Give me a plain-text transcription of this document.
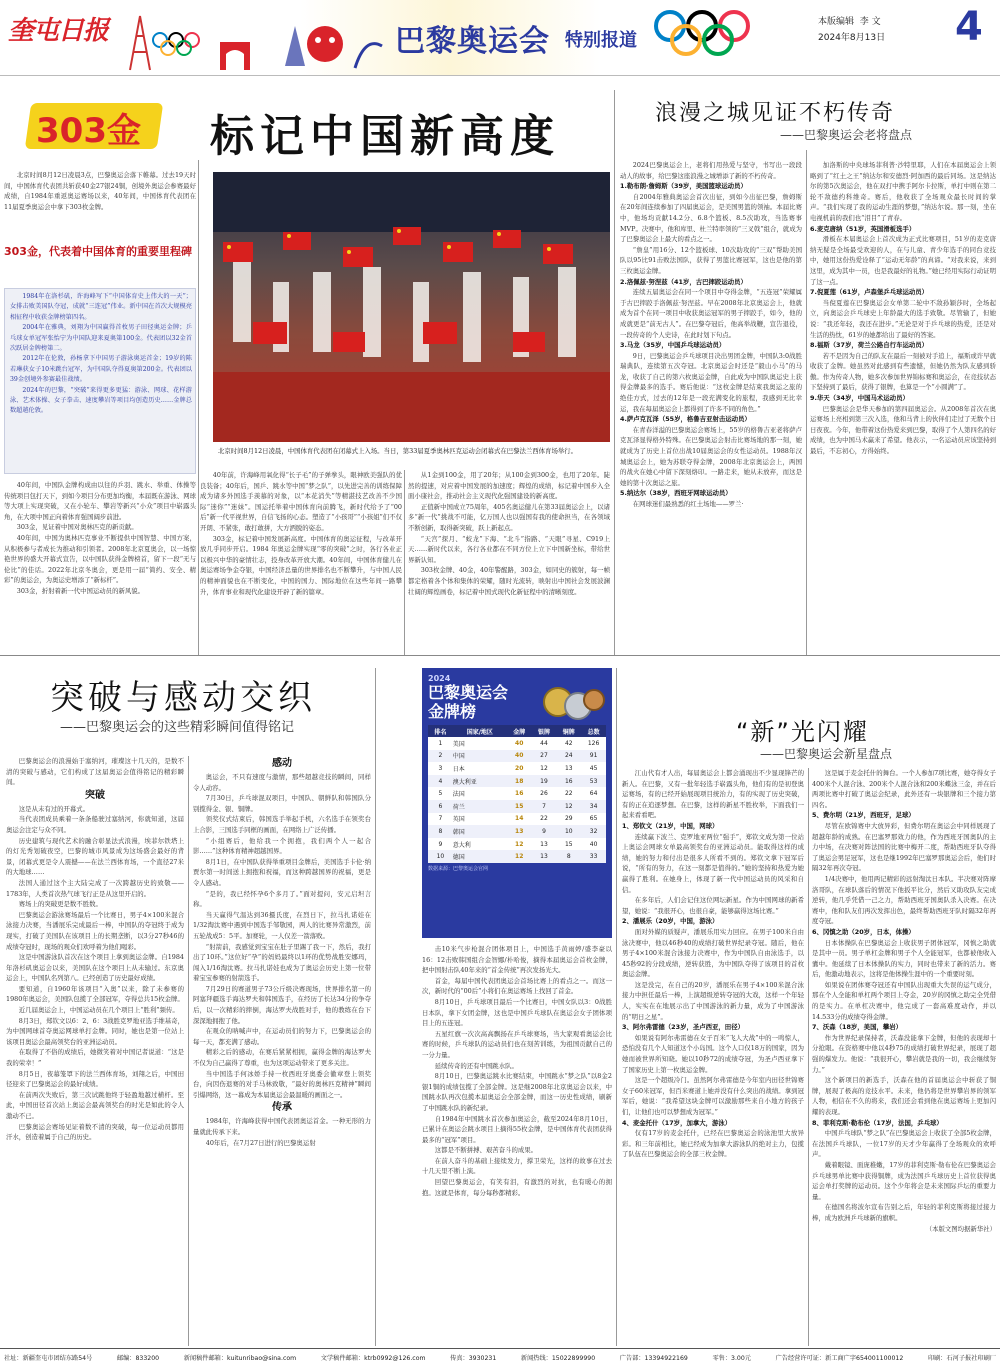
奎屯日报	巴黎奥运会 特别报道
本版编辑 李 文
2024年8月13日 4
303金 标记中国新高度

北京时间8月12日凌晨3点，巴黎奥运会落下帷幕。过去19天时间，中国体育代表团共斩获40金27银24铜，创境外奥运会参赛最好成绩，自1984年重返奥运赛场以来，40年间，中国体育代表团在11届夏季奥运会中拿下303枚金牌。

303金，代表着中国体育的重要里程碑

1984年在洛杉矶，许海峰写下“中国体育史上伟大的一天”；女排击败美国队夺冠，成就“三连冠”伟业。新中国在首次大规模亮相征程中收获金牌榜第四名。

2004年在雅典，刘翔为中国赢得首枚男子田径奥运金牌；乒乓球女单冠军张怡宁为中国队迎来夏奥第100金。代表团以32金首次跃居金牌榜第二。

2012年在伦敦，孙杨拿下中国男子游泳奥运首金；19岁的陈若琳获女子10米跳台冠军，为中国队夺得夏奥第200金。代表团以39金创境外参赛最佳战绩。

2024年的巴黎，“突破”来得更多更猛：游泳、网球、花样游泳、艺术体操、女子拳击、速度攀岩等项目均创造历史……金牌总数超越伦敦。

40年间，中国队金牌构成由以往的乒羽、跳水、举重、体操等传统项目包打天下，到如今项目分布更加均衡，本届既在游泳、网球等大项上实现突破，又在小轮车、攀岩等新兴“小众”项目中崭露头角，在大项中国正向着体育强国阔步前进。

303金，见证着中国对奥林匹克的新贡献。

40年间，中国为奥林匹克事业不断提供中国智慧、中国方案，从积极参与者成长为推动和引领者。2008年北京夏奥会，以一场惊艳世界的盛大开幕式宣告，以中国队获得金牌榜首，留下一段“无与伦比”的佳话。2022年北京冬奥会，更是用一届“简约、安全、精彩”的奥运会，为奥运史增添了“新标杆”。

303金，折射着新一代中国运动员的新风貌。

北京时间8月12日凌晨，中国体育代表团在闭幕式上入场。当日，第33届夏季奥林匹克运动会闭幕式在巴黎法兰西体育场举行。

40年前，许海峰用氧化得“长子毛”的子弹拳头，眼神欧美强队的优良装备；40年后，国乒、跳水等中国“梦之队”，以先进完善的训练保障成为诸多外国选手羡慕的对象，以“本花消失”等精湛技艺改善不少国际“迷你”“迷妹”。国运托举着中国体育向前腾飞，新时代给予了“00后”新一代平视世界，自信飞扬的心态。塑造了“小孩哥”“小孩姐”们不仅开朗、不紧张，敢打敢拼，大方洒脱的姿态。

303金，标记着中国发展新高度。中国体育的奥运征程，与改革开放几乎同步开启。1984 年奥运金牌实现“零的突破”之时，各行各业正以极兴中华的豪情壮志，投身改革开放大潮。40年间，中国体育健儿在奥运赛场争金夺银，中国经济总量的世界排名也不断攀升，与中国人民的精神面貌也在不断变化，中国的国力、国际地位在这些年间一路攀升，体育事业和现代化建设开辟了新的篇章。

从1金到100金，用了20年；从100金到300金，也用了20年。陡然的提速，对应着中国发展的加速度；辉煌的成绩，标记着中国步入全面小康社会，推动社会主义现代化强国建设的新高度。

正值新中国成立75周年，405名奥运健儿在第33届奥运会上，以诸多“新一代”挑战不可能，亿万国人也以强国有我的使命担当，在各领域不断创新，取得新突破，跃上新起点。

“天宫”探月、“蛟龙”下海、“北斗”指路、“天眼”寻星、C919上天……新时代以来，各行各业都在不同方位上立下中国新坐标，带给世界新认知。

303枚金牌、40金，40年警醒路，303金，如同史的簇射，每一帧都定格着各个体和集体的荣耀，随时光流转，映射出中国社会发展波澜壮阔的辉煌画卷，标记着中国式现代化新征程中的清晰刻度。

浪漫之城见证不朽传奇
——巴黎奥运会老将盘点

2024巴黎奥运会上，老将们用热爱与坚守，书写出一段段动人的故事，给巴黎这座浪漫之城增添了新的不朽传奇。

1.勒布朗·詹姆斯（39岁，美国篮球运动员）

自2004年雅典奥运会首次出征，到如今出征巴黎，詹姆斯在20年间连续参加了四届奥运会，是美国男篮的领袖。本届比赛中，他场均贡献14.2分、6.8个篮板、8.5次助攻，当选赛事MVP。决赛中，他和库里、杜兰特率领的“三叉戟”组合，就成为了巴黎奥运会上最大的看点之一。

“詹皇”用16分、12个篮板球、10次助攻的“三双”帮助美国队以95比91击败法国队，获得了男篮比赛冠军，这也是他的第三枚奥运金牌。

2.洛佩兹·努涅兹（41岁，古巴摔跤运动员）

连续五届奥运会在同一个项目中夺得金牌，“五连冠”荣耀属于古巴摔跤手洛佩兹·努涅兹。早在2008年北京奥运会上，他就成为首个在同一项目中收获奥运冠军的男子摔跤手，如今，他的成就更是“前无古人”。在巴黎夺冠后，他高举战鞭，宣告退役，一段传奇的个人史诗，在此时划下句点。

3.马龙（35岁，中国乒乓球运动员）

9日，巴黎奥运会乒乓球项目决出男团金牌，中国队3:0战胜瑞典队，连续第五次夺冠。北京奥运会时还是“毅山小马”的马龙，收获了自己的第六枚奥运金牌，自此成为中国队奥运史上获得金牌最多的选手。赛后他说：“这枚金牌是结束我奥运之旅的绝佳方式，过去的12年是一段充满变化的旅程，我感到无比幸运，我在每届奥运会上都得到了许多不同的角色。”

4.萨卢克瓦泽（55岁，格鲁吉亚射击运动员）

在青春洋溢的巴黎奥运会赛场上，55岁的格鲁吉亚老将萨卢克瓦泽显得格外特殊。在巴黎奥运会射击比赛场地的那一刻，她就成为了历史上首位出战10届奥运会的女性运动员。1988年汉城奥运会上，她为苏联夺得金牌，2008年北京奥运会上，两国的战火在她心中留下深刻烙印。一路走来，她从未放弃，而这是她的第十次奥运之旅。

5.纳达尔（38岁，西班牙网球运动员）

在网球迷们最熟悉的红土场地——罗兰·

加洛斯的中央球场菲利普·沙特里耶，人们在本届奥运会上领略到了“红土之王”纳达尔和安德烈·阿加西的最后同场。这是纳达尔的第5次奥运会，他在双打中携手阿尔卡拉斯，单打中则在第二轮不敌德约科维奇。赛后，他收获了全场观众最长时间的掌声。“我们实现了我的运动生涯的梦想，”纳达尔说。那一刻，坐在电视机前的我们也“泪目”了青春。

6.麦克唐纳（51岁，英国滑板选手）

滑板在本届奥运会上首次成为正式比赛项目，51岁的麦克唐纳无疑是全场最受欢迎的人，在与儿童、青少年选手的同台竞技中，她用这份热爱诠释了“运动无年龄”的真谛。“对我来说，来到这里，成为其中一员，也是我最好的礼物。”她已经用实际行动证明了这一点。

7.倪夏莲（61岁，卢森堡乒乓球运动员）

当倪夏莲在巴黎奥运会女单第二轮中不敌孙颖莎时，全场起立，向奥运会乒乓球史上年龄最大的选手致敬。尽管输了，但她说：“我还年轻，我还在进步。”无论是对于乒乓球的热爱，还是对生活的热忱，61岁的她都给出了最好的答案。

8.福斯（37岁，荷兰公路自行车运动员）

若不是因为自己的队友在最后一刻被对手追上，福斯或许早就收获了金牌。她虽然对此感到有些遗憾，但她仍然为队友感到骄傲。作为传奇人物，她多次参加世界锦标赛和奥运会，在竞技状态下坚持到了最后，获得了银牌，也算是一个“小圆满”了。

9.华天（34岁，中国马术运动员）

巴黎奥运会是华天参加的第四届奥运会。从2008年首次在奥运赛场上亮相到第三次入选，他和马背上的伙伴们走过了无数个日日夜夜。今年，他带着这份热爱来到巴黎，取得了个人第四名的好成绩，也为中国马术赢来了希望。他表示，一名运动员应该坚持到最后，不忘初心，方得始终。

突破与感动交织
——巴黎奥运会的这些精彩瞬间值得铭记

巴黎奥运会的浪漫始于塞纳河，璀璨这十几天的，是数不清的突破与感动，它们构成了这届奥运会值得铭记的精彩瞬间。

突破

这是从未有过的开幕式。

当代表团成员乘着一条条船驶过塞纳河，你就知道，这届奥运会注定与众不同。

历史建筑与现代艺术的融合彰显法式浪漫，埃菲尔铁塔上的灯光秀划破夜空，巴黎的城市风景成为这场盛会最好的背景，闭幕式更是令人震撼——在法兰西体育场，一个直径27米的大地球……

法国人通过这个主大陆完成了一次跨越历史的致敬——1783年，人类首次热气球飞行正是从这里开启的。

赛场上的突破更是数不胜数。

巴黎奥运会游泳赛场最后一个比赛日，男子4×100米混合泳接力决赛，当潘展乐完成最后一棒，中国队的夺冠终于成为现实，打破了美国队在该项目上的长期垄断，以3分27秒46的成绩夺冠时，现场的观众们欢呼着为他们喝彩。

这是中国游泳队首次在这个项目上拿到奥运金牌。自1984年洛杉矶奥运会以来，美国队在这个项目上从未输过。东京奥运会上，中国队名列第八。已经创造了历史最好成绩。

要知道，自1960年该项目“入奥”以来，除了未参赛的1980年奥运会，美国队包揽了全部冠军，夺得总共15枚金牌。

近几届奥运会上，中国运动员在几个项目上“胜利”频传。

8月3日，郑钦文以6：2、6：3战胜克罗地亚选手维基奇，为中国网球首夺奥运网球单打金牌。同时，她也是第一位站上该项目奥运会最高领奖台的亚洲运动员。

在取得了不俗的成绩后，她微笑着对中国记者说道：“这是我的荣幸！”

8月5日，夜幕笼罩下的法兰西体育场，刘翔之后，中国田径迎来了巴黎奥运会的最好成绩。

在前两次失败后，第三次试跳他终于轻盈地越过横杆。至此，中国田径首次站上奥运会最高领奖台的时光是如此的令人激动不已。

巴黎奥运会赛场见证着数不清的突破，每一位运动员都用汗水，创造着属于自己的历史。

感动

奥运会，不只有速度与激情，那些超越竞技的瞬间，同样令人动容。

7月30日，乒乓球混双项目，中国队、朝鲜队和韩国队分别揽得金、银、铜牌。

领奖仪式结束后，韩国选手举起手机，六名选手在领奖台上合影，三国选手同框的画面，在网络上广泛传播。

“小组赛后，他给我一个拥抱，我们两个人一起合影……”这种体育精神超越国界。

8月1日，在中国队获得举重项目金牌后，美国选手卡伦·纳贾尔第一时间送上拥抱和祝福，而这种跨越国界的祝福，更是令人感动。

“是的，我已经怀孕6个多月了。”面对提问，安元启坦言称。

当天赢得气温达到36摄氏度，在烈日下，拉马扎诺娃在1/32淘汰赛中遇到中国选手邹敬园，两人的比赛异常激烈，前五轮战成5：5平。加赛轮，一人仅差一箭落败。

“射箭前，我感觉到宝宝在肚子里踢了我一下，然后，我打出了10环。”这位好“孕”的妈妈最终以1环的优势战胜安娜玛，闯入1/16淘汰赛。拉马扎诺娃也成为了奥运会历史上第一位带着宝宝参赛的射箭选手。

7月29日的赛道男子73公斤级决赛现场，世界排名第一的阿塞拜疆选手海达罗夫和韩国选手，在经历了长达34分的争夺后，以一次精彩的摔倒，海达罗夫战胜对手，他的教练在台下深深地拥抱了他。

在观众的呐喊声中，在运动员们的努力下，巴黎奥运会的每一天，都充满了感动。

精彩之后的感动，在赛后紧紧相拥，赢得金牌的海达罗夫不仅为自己赢得了尊重，也为这项运动带来了更多关注。

当中国选手何冰娇手持一枚西班牙奥委会徽章登上领奖台，向因伤退赛的对手马林致敬，“最好的奥林匹克精神”瞬间引爆网络，这一幕成为本届奥运会最温暖的画面之一。

传承

1984年，许海峰获得中国代表团奥运首金。一种无形的力量就此传承下来。

40年后，在7月27日进行的巴黎奥运射

2024
巴黎奥运会
金牌榜
排名	国家/地区	金牌	银牌	铜牌	总数
1	美国	40	44	42	126
2	中国	40	27	24	91
3	日本	20	12	13	45
4	澳大利亚	18	19	16	53
5	法国	16	26	22	64
6	荷兰	15	7	12	34
7	英国	14	22	29	65
8	韩国	13	9	10	32
9	意大利	12	13	15	40
10	德国	12	13	8	33
数据来源：巴黎奥运会官网

击10米气步枪混合团体项目上，中国选手黄雨婷/盛李豪以16：12击败韩国组合金智娜/朴哈俊，摘得本届奥运会首枚金牌，把中国射击队40年来的“首金传统”再次发扬光大。

首金，每届中国代表团奥运会首场比赛上的看点之一。而这一次，新时代的“00后”小将们在奥运赛场上找回了首金。

8月10日，乒乓球项目最后一个比赛日，中国女队以3：0战胜日本队，拿下女团金牌，这也是中国乒乓球队在奥运会女子团体项目上的五连冠。

五星红旗一次次高高飘扬在乒乓球赛场，当大家观看奥运会比赛的时候，乒乓球队的运动员们也在刻苦训练，为祖国贡献自己的一分力量。

延续传奇的还有中国跳水队。

8月10日，巴黎奥运跳水比赛结束，中国跳水“梦之队”以8金2银1铜的成绩包揽了全部金牌。这是继2008年北京奥运会以来，中国跳水队再次包揽本届奥运会全部金牌，而这一历史性成绩，刷新了中国跳水队的新纪录。

自1984年中国跳水首次参加奥运会，截至2024年8月10日，已累计在奥运会跳水项目上摘得55枚金牌，是中国体育代表团获得最多的“冠军”项目。

这都是不断拼搏、艰苦奋斗的成果。

在前人奋斗的基础上接续发力，撑卫荣光，这样的故事在过去十几天里不断上演。

回望巴黎奥运会，有笑有泪，有激烈的对抗，也有暖心的拥抱。这就是体育，每分每秒都精彩。

“新”光闪耀
——巴黎奥运会新星盘点

江山代有才人出，每届奥运会上都会涌现出不少显现锋芒的新人。在巴黎，又有一批年轻选手崭露头角，他们有的是初登奥运赛场，有的已经开始展现项目统治力，有的实现了历史突破，有的正在追逐梦想。在巴黎，这样的新星不胜枚举，下面我们一起来看看吧。

1、郑钦文（21岁，中国，网球）

连续赢下波兰、克罗地亚两位“强手”，郑钦文成为第一位站上奥运会网球女单最高领奖台的亚洲运动员。能取得这样的成绩，她的努力和付出是很多人所看不到的。郑钦文拿下冠军后说，“所有的努力，在这一刻都是值得的。”她的坚持和热爱为她赢得了胜利。在她身上，体现了新一代中国运动员的风采和自信。

在多年后，人们会记住这位网坛新星。作为中国网球的新希望，她说：“我很开心，也很自豪，能够赢得这场比赛。”

2、潘展乐（20岁，中国，游泳）

面对外媒的质疑声，潘展乐用实力回应。在男子100米自由泳决赛中，他以46秒40的成绩打破世界纪录夺冠。随后，他在男子4×100米混合泳接力决赛中，作为中国队自由泳选手，以45秒92的分段成绩，逆转获胜，为中国队夺得了该项目的首枚奥运金牌。

这是没完，在自己的20岁，潘展乐在男子4×100米混合泳接力中担任最后一棒，上演超级逆转夺冠的大戏，这样一个年轻人，实实在在地展示出了中国游泳的新力量，成为了中国游泳的“明日之星”。

3、阿尔弗雷德（23岁，圣卢西亚，田径）

如果说有阿尔弗雷德在女子百米“飞人大战”中的一鸣惊人，恐怕没有几个人知道这个小岛国。这个人口仅18万的国家，因为她而被世界所知晓。她以10秒72的成绩夺冠，为圣卢西亚拿下了国家历史上第一枚奥运金牌。

这是一个超级冷门。虽然阿尔弗雷德是今年室内田径世锦赛女子60米冠军，但百米赛道上她并没有什么突出的战绩。拿到冠军后，她说：“我希望这块金牌可以激励那些来自小地方的孩子们，让他们也可以梦想成为冠军。”

4、麦金托什（17岁，加拿大，游泳）

仅有17岁的麦金托什，已经在巴黎奥运会的泳池里大放异彩。和三年前相比，她已经成为加拿大游泳队的绝对主力，包揽了队伍在巴黎奥运会的全部三枚金牌。

这是属于麦金托什的舞台。一个人参加7项比赛，她夺得女子400米个人混合泳、200米个人混合泳和200米蝶泳三金，并在后两项比赛中打破了奥运会纪录，此外还有一块银牌和三个接力第四名。

5、费尔明（21岁，西班牙，足球）

尽管在欧锦赛中大放异彩，但费尔明在奥运会中同样展现了超越年龄的成熟。在巴塞罗那效力的他，作为西班牙国奥队的主力中场，在决赛对阵法国的比赛中梅开二度，帮助西班牙队夺得了奥运会男足冠军，这也是继1992年巴塞罗那奥运会后，他们时隔32年再次夺冠。

1/4决赛中，他用两记精彩的远射淘汰日本队。半决赛对阵摩洛哥队，在球队落后的情况下他扳平比分，然后又助攻队友完成逆转，他几乎凭借一己之力，帮助西班牙国奥队杀入决赛。在决赛中，他和队友们再次发挥出色，最终帮助西班牙队时隔32年再度夺冠。

6、冈慎之助（20岁，日本，体操）

日本体操队在巴黎奥运会上收获男子团体冠军，冈慎之助就是其中一员。男子单杠金牌和男子个人全能冠军，也都被他收入囊中。他延续了日本体操队的实力，同时也带来了新的活力。赛后，他激动地表示，这将是他体操生涯中的一个重要时刻。

如果说在团体赛夺冠还有中国队出现重大失误的运气成分，那在个人全能和单杠两个项目上夺金，20岁的冈慎之助完全凭借的是实力。在单杠决赛中，他完成了一套高难度动作，并以14.533分的成绩夺得金牌。

7、沃森（18岁，美国，攀岩）

作为世界纪录保持者，沃森没能拿下金牌，但他的表现却十分抢眼。在资格赛中他以4秒75的成绩打破世界纪录，展现了超强的爆发力。他说：“我很开心，攀岩就是我的一切，我会继续努力。”

这个新项目的新选手，沃森在他的首届奥运会中斩获了铜牌，展现了极高的竞技水平。未来，他仍将是世界攀岩界的领军人物，相信在不久的将来，我们还会看到他在奥运赛场上更加闪耀的表现。

8、菲利克斯·勒布伦（17岁，法国，乒乓球）

中国乒乓球队“梦之队”在巴黎奥运会上收获了全部5枚金牌，在法国乒乓球队，一位17岁的天才少年赢得了全场观众的欢呼声。

戴着眼镜、面庞稚嫩，17岁的菲利克斯·勒布伦在巴黎奥运会乒乓球男单比赛中获得铜牌，成为法国乒乓球历史上首位获得奥运会单打奖牌的运动员。这个少年将会是未来国际乒坛的重要力量。

在德国名将波尔宣布告别之后，年轻的菲利克斯将接过接力棒，成为欧洲乒乓球新的旗帜。

（本版文图均据新华社）

社址：新疆奎屯市团结东路54号	邮编：833200	新闻稿件邮箱：kuitunribao@sina.com	文学稿件邮箱：ktrb0992@126.com	传真：3930231	新闻热线：15022899990	广告部：13394922169	零售：3.00元	广告经营许可证：新工商广字654001100012	印刷：石河子报社印刷厂
